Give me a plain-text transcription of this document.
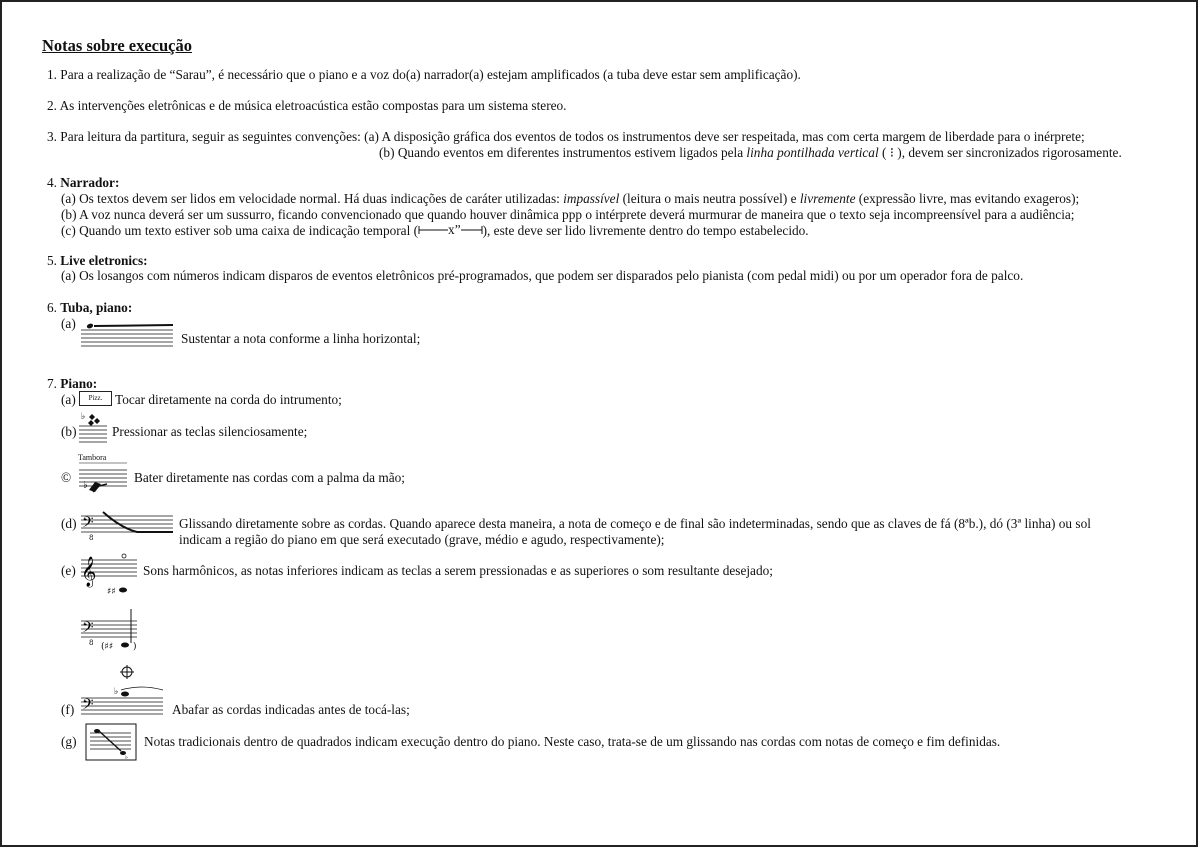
Notas sobre execução
1. Para a realização de “Sarau”, é necessário que o piano e a voz do(a) narrador(a) estejam amplificados (a tuba deve estar sem amplificação).
2. As intervenções eletrônicas e de música eletroacústica estão compostas para um sistema stereo.
3. Para leitura da partitura, seguir as seguintes convenções: (a) A disposição gráfica dos eventos de todos os instrumentos deve ser respeitada, mas com certa margem de liberdade para o inérprete;
(b) Quando eventos em diferentes instrumentos estivem ligados pela linha pontilhada vertical ( ⁝ ), devem ser sincronizados rigorosamente.
4. Narrador:
(a) Os textos devem ser lidos em velocidade normal. Há duas indicações de caráter utilizadas: impassível (leitura o mais neutra possível) e livremente (expressão livre, mas evitando exageros);
(b) A voz nunca deverá ser um sussurro, ficando convencionado que quando houver dinâmica ppp o intérprete deverá murmurar de maneira que o texto seja incompreensível para a audiência;
(c) Quando um texto estiver sob uma caixa de indicação temporal ( x” ), este deve ser lido livremente dentro do tempo estabelecido.
5. Live eletronics:
(a) Os losangos com números indicam disparos de eventos eletrônicos pré-programados, que podem ser disparados pelo pianista (com pedal midi) ou por um operador fora de palco.
6. Tuba, piano:
(a)
Sustentar a nota conforme a linha horizontal;
7. Piano:
(a)	Pizz. Tocar diretamente na corda do intrumento;
(b)
♭
Pressionar as teclas silenciosamente;
©
Tambora
♭
Bater diretamente nas cordas com a palma da mão;
(d) 𝄢
8
Glissando diretamente sobre as cordas. Quando aparece desta maneira, a nota de começo e de final são indeterminadas, sendo que as claves de fá (8ªb.), dó (3ª linha) ou sol
indicam a região do piano em que será executado (grave, médio e agudo, respectivamente);
(e) 𝄞
♯♯
Sons harmônicos, as notas inferiores indicam as teclas a serem pressionadas e as superiores o som resultante desejado;
𝄢
8 (♯♯ )
(f)
♭
𝄢	Abafar as cordas indicadas antes de tocá-las;
(g)
♭
Notas tradicionais dentro de quadrados indicam execução dentro do piano. Neste caso, trata-se de um glissando nas cordas com notas de começo e fim definidas.
